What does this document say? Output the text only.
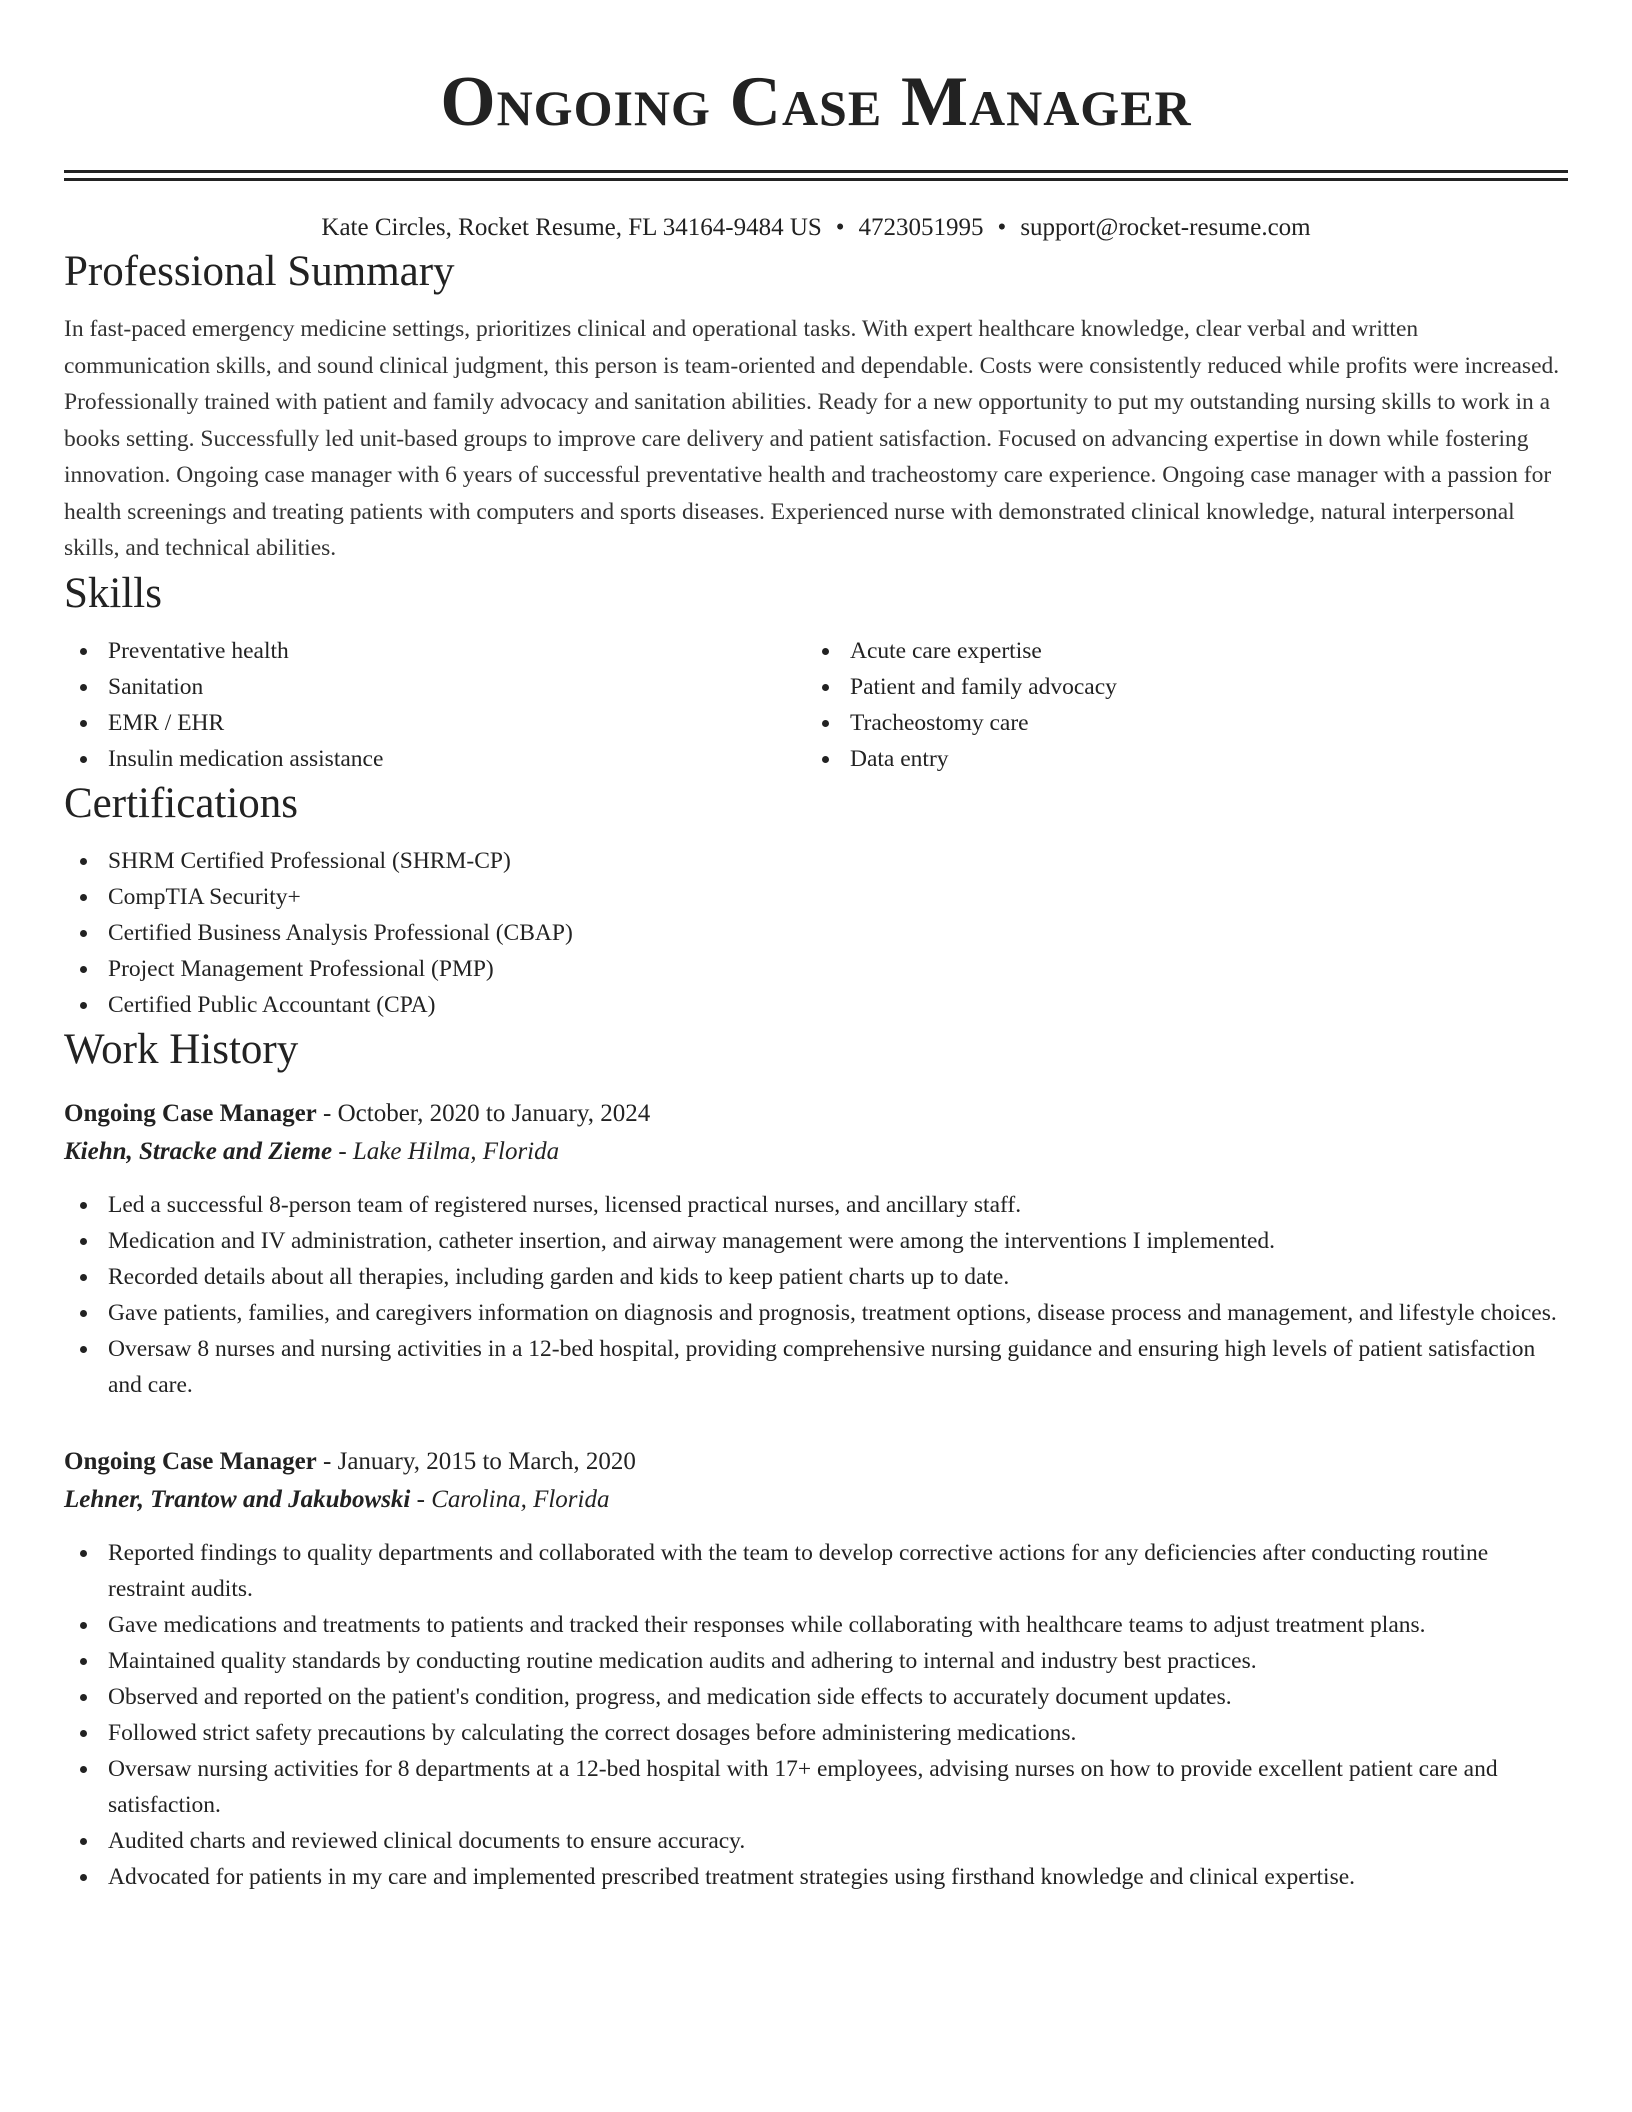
Ongoing Case Manager
Kate Circles, Rocket Resume, FL 34164-9484 US • 4723051995 • support@rocket-resume.com
Professional Summary

In fast-paced emergency medicine settings, prioritizes clinical and operational tasks. With expert healthcare knowledge, clear verbal and written communication skills, and sound clinical judgment, this person is team-oriented and dependable. Costs were consistently reduced while profits were increased. Professionally trained with patient and family advocacy and sanitation abilities. Ready for a new opportunity to put my outstanding nursing skills to work in a books setting. Successfully led unit-based groups to improve care delivery and patient satisfaction. Focused on advancing expertise in down while fostering innovation. Ongoing case manager with 6 years of successful preventative health and tracheostomy care experience. Ongoing case manager with a passion for health screenings and treating patients with computers and sports diseases. Experienced nurse with demonstrated clinical knowledge, natural interpersonal skills, and technical abilities.

Skills
Preventative health
Sanitation
EMR / EHR
Insulin medication assistance
Acute care expertise
Patient and family advocacy
Tracheostomy care
Data entry
Certifications
SHRM Certified Professional (SHRM-CP)
CompTIA Security+
Certified Business Analysis Professional (CBAP)
Project Management Professional (PMP)
Certified Public Accountant (CPA)
Work History
Ongoing Case Manager - October, 2020 to January, 2024
Kiehn, Stracke and Zieme - Lake Hilma, Florida
Led a successful 8-person team of registered nurses, licensed practical nurses, and ancillary staff.
Medication and IV administration, catheter insertion, and airway management were among the interventions I implemented.
Recorded details about all therapies, including garden and kids to keep patient charts up to date.
Gave patients, families, and caregivers information on diagnosis and prognosis, treatment options, disease process and management, and lifestyle choices.
Oversaw 8 nurses and nursing activities in a 12-bed hospital, providing comprehensive nursing guidance and ensuring high levels of patient satisfaction and care.
Ongoing Case Manager - January, 2015 to March, 2020
Lehner, Trantow and Jakubowski - Carolina, Florida
Reported findings to quality departments and collaborated with the team to develop corrective actions for any deficiencies after conducting routine restraint audits.
Gave medications and treatments to patients and tracked their responses while collaborating with healthcare teams to adjust treatment plans.
Maintained quality standards by conducting routine medication audits and adhering to internal and industry best practices.
Observed and reported on the patient's condition, progress, and medication side effects to accurately document updates.
Followed strict safety precautions by calculating the correct dosages before administering medications.
Oversaw nursing activities for 8 departments at a 12-bed hospital with 17+ employees, advising nurses on how to provide excellent patient care and satisfaction.
Audited charts and reviewed clinical documents to ensure accuracy.
Advocated for patients in my care and implemented prescribed treatment strategies using firsthand knowledge and clinical expertise.
